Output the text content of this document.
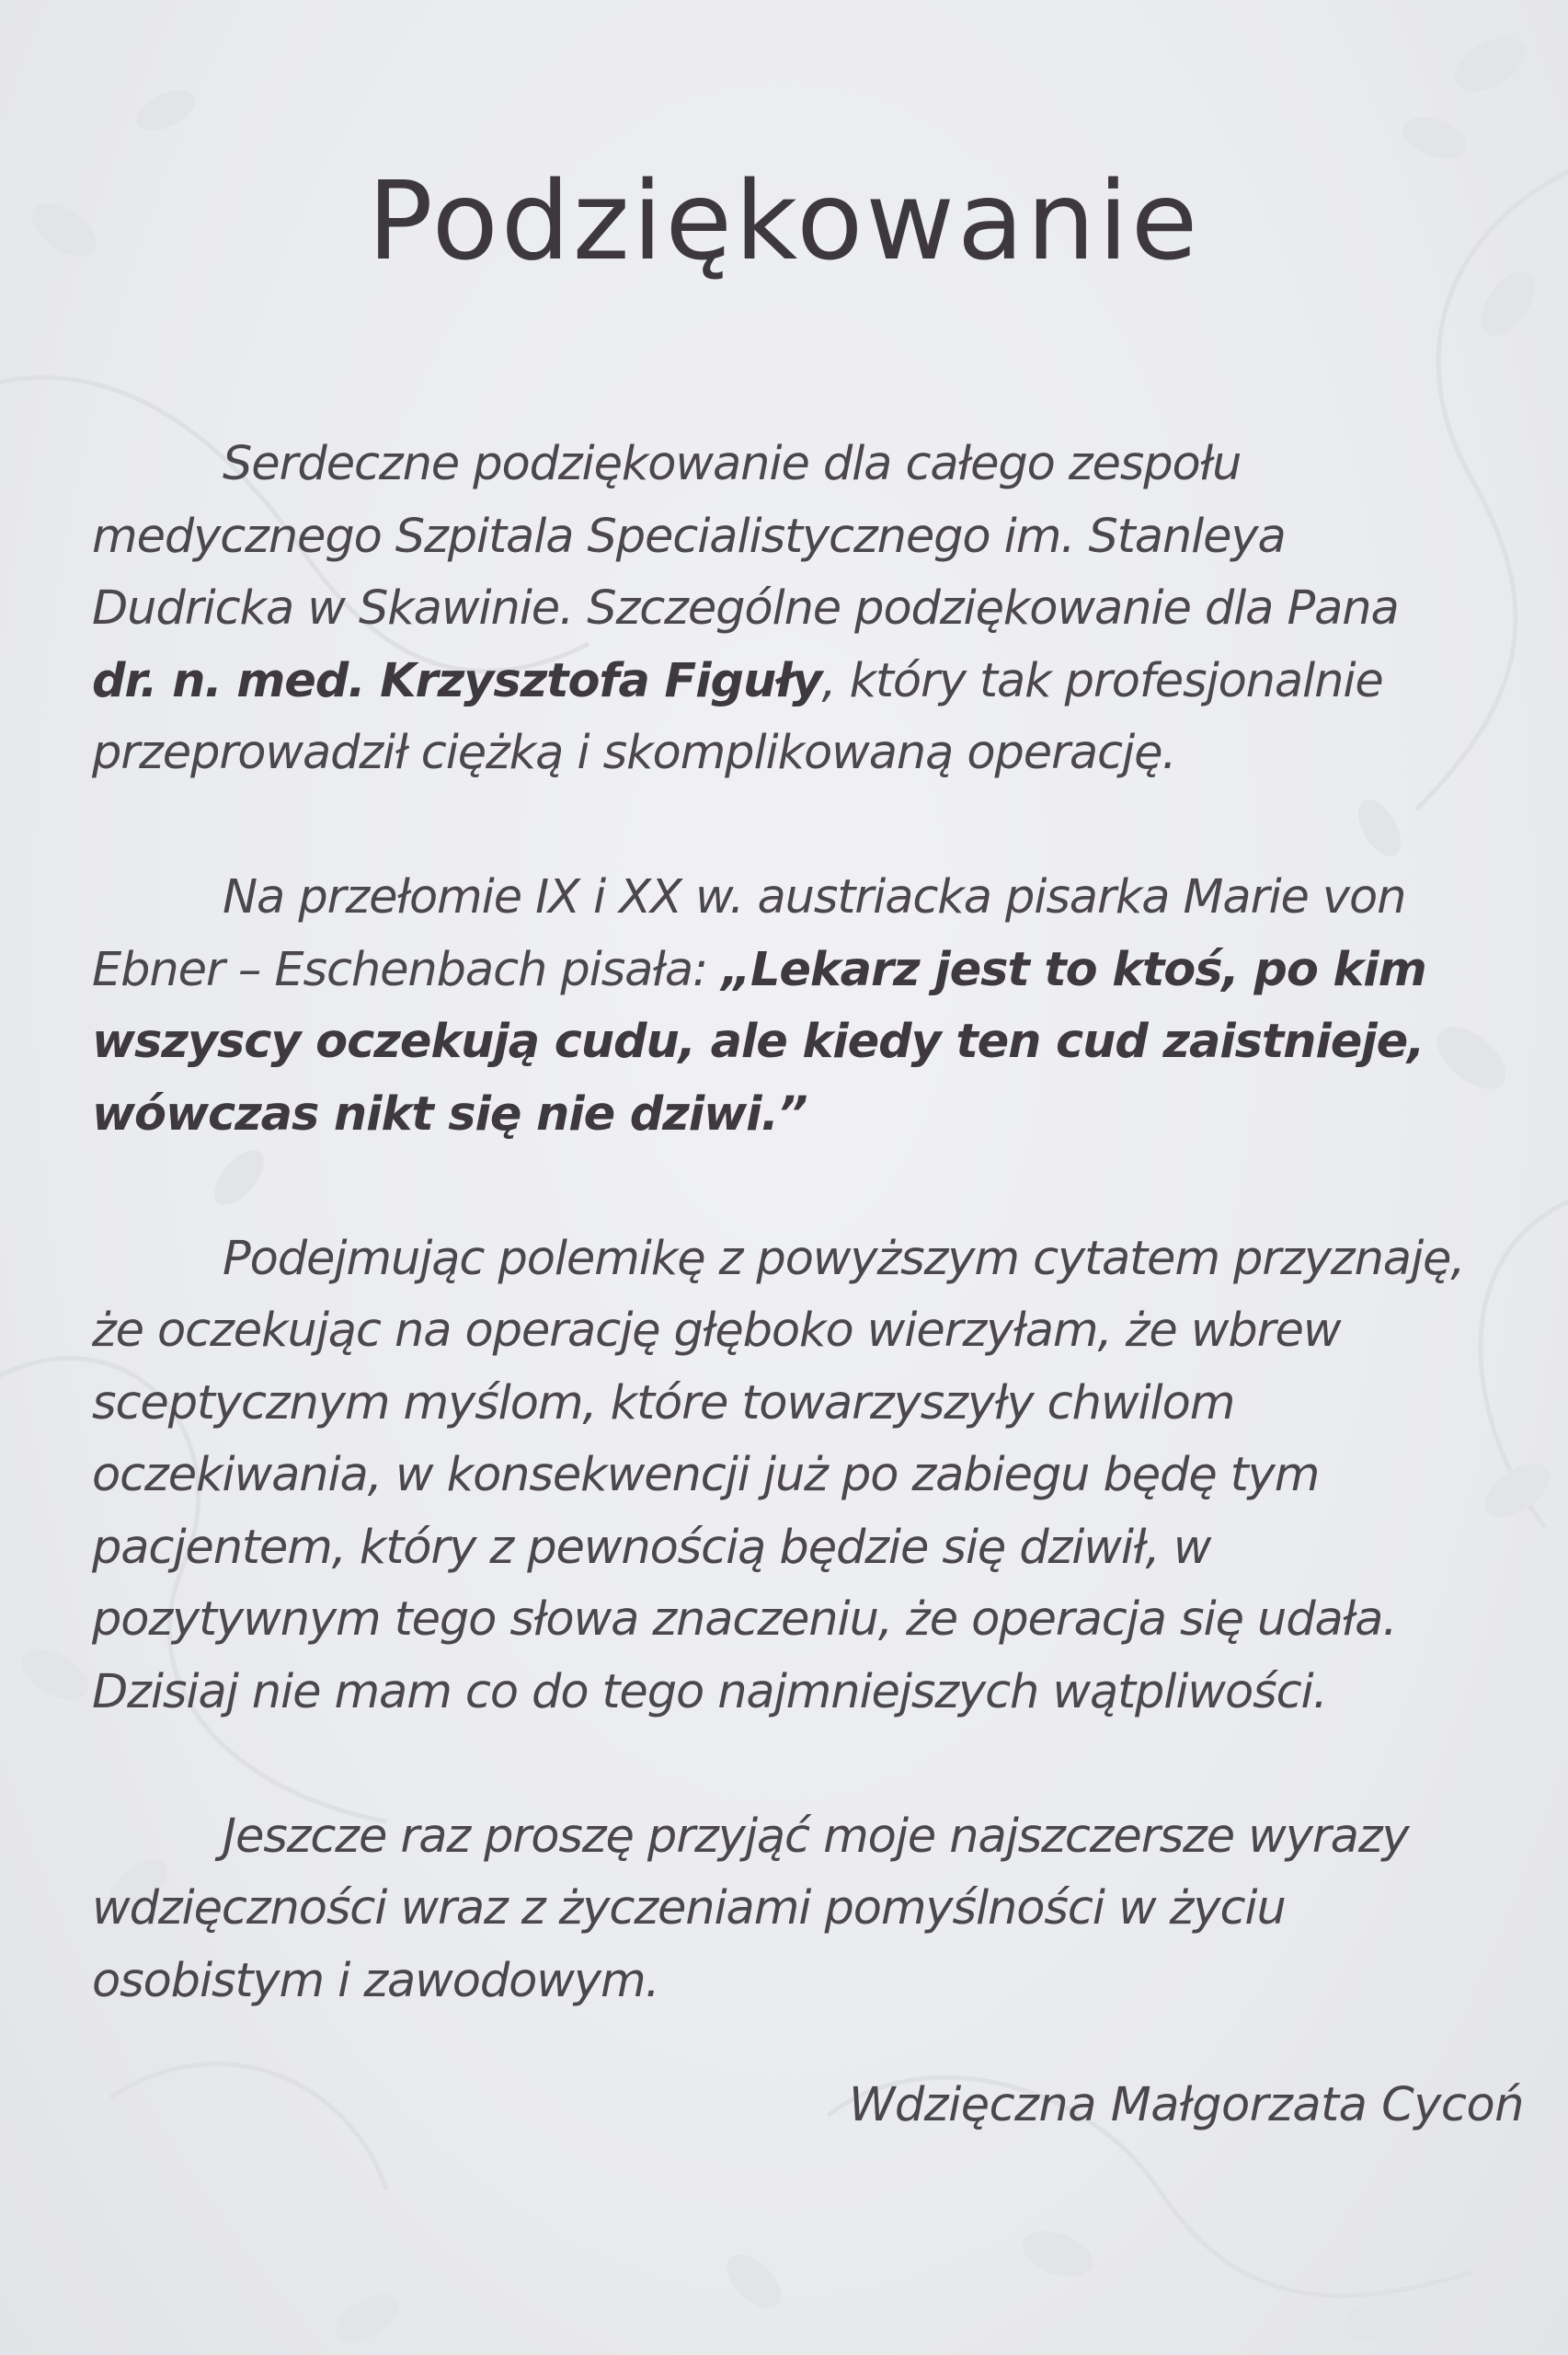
Podziękowanie
Serdeczne podziękowanie dla całego zespołu
medycznego Szpitala Specialistycznego im. Stanleya
Dudricka w Skawinie. Szczególne podziękowanie dla Pana
dr. n. med. Krzysztofa Figuły, który tak profesjonalnie
przeprowadził ciężką i skomplikowaną operację.
Na przełomie IX i XX w. austriacka pisarka Marie von
Ebner – Eschenbach pisała: „Lekarz jest to ktoś, po kim
wszyscy oczekują cudu, ale kiedy ten cud zaistnieje,
wówczas nikt się nie dziwi.”
Podejmując polemikę z powyższym cytatem przyznaję,
że oczekując na operację głęboko wierzyłam, że wbrew
sceptycznym myślom, które towarzyszyły chwilom
oczekiwania, w konsekwencji już po zabiegu będę tym
pacjentem, który z pewnością będzie się dziwił, w
pozytywnym tego słowa znaczeniu, że operacja się udała.
Dzisiaj nie mam co do tego najmniejszych wątpliwości.
Jeszcze raz proszę przyjąć moje najszczersze wyrazy
wdzięczności wraz z życzeniami pomyślności w życiu
osobistym i zawodowym.
Wdzięczna Małgorzata Cycoń
